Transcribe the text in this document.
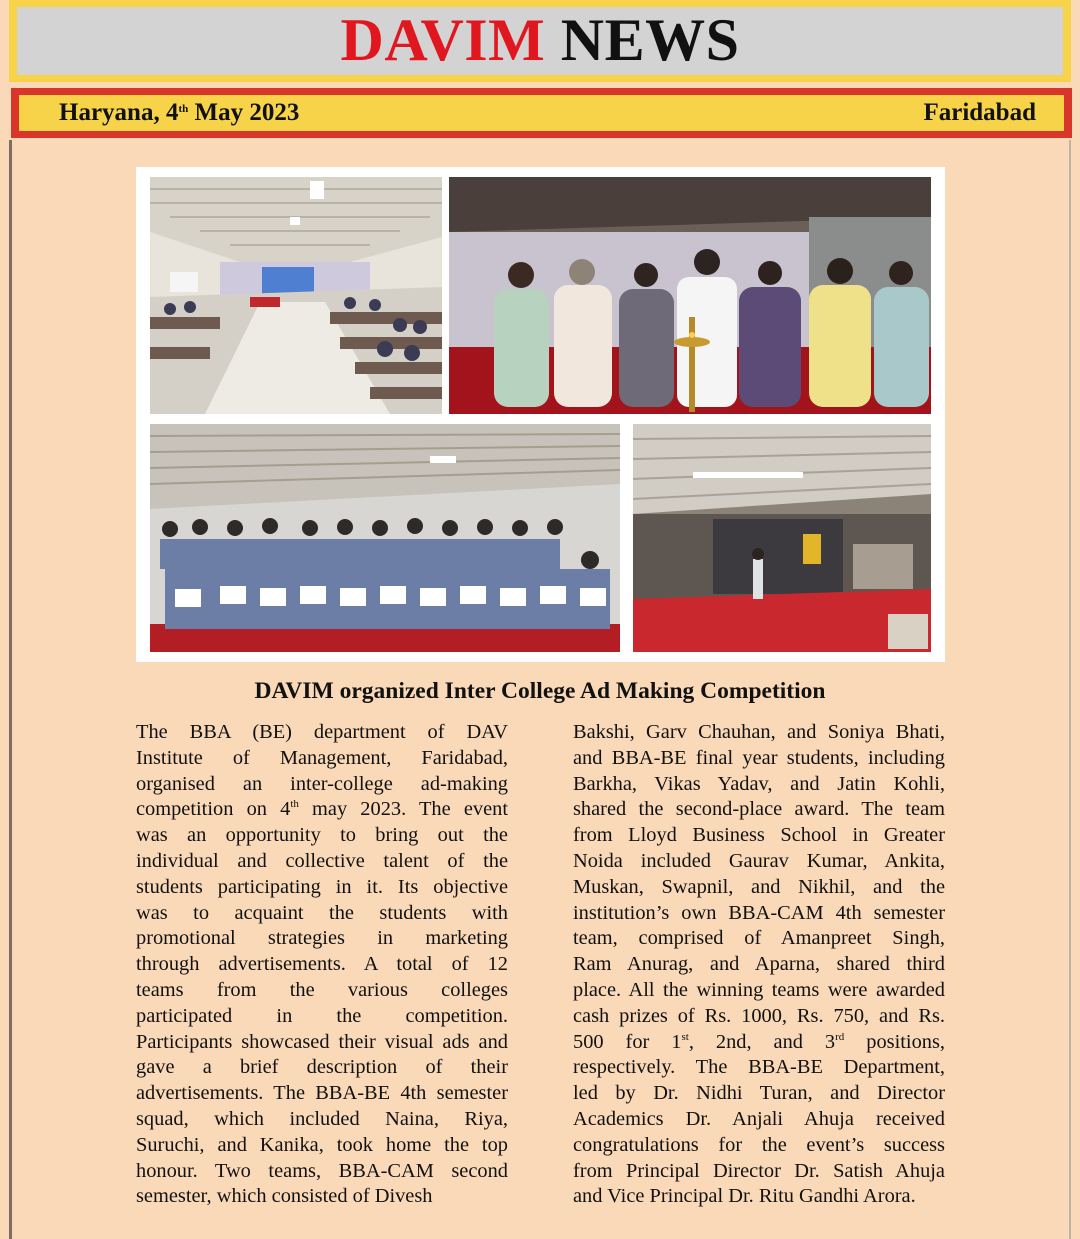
DAVIM NEWS
Haryana, 4th May 2023	Faridabad
DAVIM organized Inter College Ad Making Competition
The BBA (BE) department of DAV
Institute of Management, Faridabad,
organised an inter-college ad-making
competition on 4th may 2023. The event
was an opportunity to bring out the
individual and collective talent of the
students participating in it. Its objective
was to acquaint the students with
promotional strategies in marketing
through advertisements. A total of 12
teams from the various colleges
participated in the competition.
Participants showcased their visual ads and
gave a brief description of their
advertisements. The BBA-BE 4th semester
squad, which included Naina, Riya,
Suruchi, and Kanika, took home the top
honour. Two teams, BBA-CAM second
semester, which consisted of Divesh
Bakshi, Garv Chauhan, and Soniya Bhati,
and BBA-BE final year students, including
Barkha, Vikas Yadav, and Jatin Kohli,
shared the second-place award. The team
from Lloyd Business School in Greater
Noida included Gaurav Kumar, Ankita,
Muskan, Swapnil, and Nikhil, and the
institution’s own BBA-CAM 4th semester
team, comprised of Amanpreet Singh,
Ram Anurag, and Aparna, shared third
place. All the winning teams were awarded
cash prizes of Rs. 1000, Rs. 750, and Rs.
500 for 1st, 2nd, and 3rd positions,
respectively. The BBA-BE Department,
led by Dr. Nidhi Turan, and Director
Academics Dr. Anjali Ahuja received
congratulations for the event’s success
from Principal Director Dr. Satish Ahuja
and Vice Principal Dr. Ritu Gandhi Arora.
